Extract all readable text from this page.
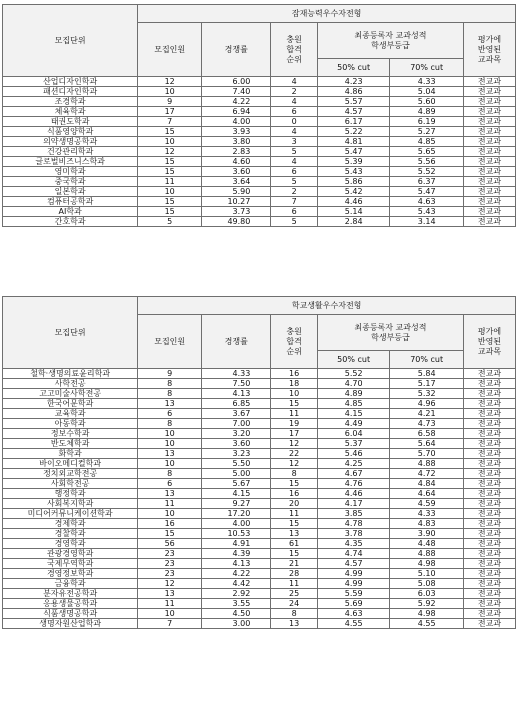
모집단위	잠재능력우수자전형					
	모집인원	경쟁률	충원
합격
순위	최종등록자 교과성적
학생부등급		평가에
반영된
교과목
				50% cut	70% cut	
산업디자인학과	12	6.00	4	4.23	4.33	전교과
패션디자인학과	10	7.40	2	4.86	5.04	전교과
조경학과	9	4.22	4	5.57	5.60	전교과
체육학과	17	6.94	6	4.57	4.89	전교과
태권도학과	7	4.00	0	6.17	6.19	전교과
식품영양학과	15	3.93	4	5.22	5.27	전교과
의약생명공학과	10	3.80	3	4.81	4.85	전교과
건강관리학과	12	2.83	5	5.47	5.65	전교과
글로벌비즈니스학과	15	4.60	4	5.39	5.56	전교과
영미학과	15	3.60	6	5.43	5.52	전교과
중국학과	11	3.64	5	5.86	6.37	전교과
일본학과	10	5.90	2	5.42	5.47	전교과
컴퓨터공학과	15	10.27	7	4.46	4.63	전교과
AI학과	15	3.73	6	5.14	5.43	전교과
간호학과	5	49.80	5	2.84	3.14	전교과
모집단위	학교생활우수자전형					
	모집인원	경쟁률	충원
합격
순위	최종등록자 교과성적
학생부등급		평가에
반영된
교과목
				50% cut	70% cut	
철학·생명의료윤리학과	9	4.33	16	5.52	5.84	전교과
사학전공	8	7.50	18	4.70	5.17	전교과
고고미술사학전공	8	4.13	10	4.89	5.32	전교과
한국어문학과	13	6.85	15	4.85	4.96	전교과
교육학과	6	3.67	11	4.15	4.21	전교과
아동학과	8	7.00	19	4.49	4.73	전교과
정보수학과	10	3.20	17	6.04	6.58	전교과
반도체학과	10	3.60	12	5.37	5.64	전교과
화학과	13	3.23	22	5.46	5.70	전교과
바이오메디컬학과	10	5.50	12	4.25	4.88	전교과
정치외교학전공	8	5.00	8	4.67	4.72	전교과
사회학전공	6	5.67	15	4.76	4.84	전교과
행정학과	13	4.15	16	4.46	4.64	전교과
사회복지학과	11	9.27	20	4.17	4.59	전교과
미디어커뮤니케이션학과	10	17.20	11	3.85	4.33	전교과
경제학과	16	4.00	15	4.78	4.83	전교과
경찰학과	15	10.53	13	3.78	3.90	전교과
경영학과	56	4.91	61	4.35	4.48	전교과
관광경영학과	23	4.39	15	4.74	4.88	전교과
국제무역학과	23	4.13	21	4.57	4.98	전교과
경영정보학과	23	4.22	28	4.99	5.10	전교과
금융학과	12	4.42	11	4.99	5.08	전교과
분자유전공학과	13	2.92	25	5.59	6.03	전교과
응용생물공학과	11	3.55	24	5.69	5.92	전교과
식품생명공학과	10	4.50	8	4.63	4.98	전교과
생명자원산업학과	7	3.00	13	4.55	4.55	전교과
